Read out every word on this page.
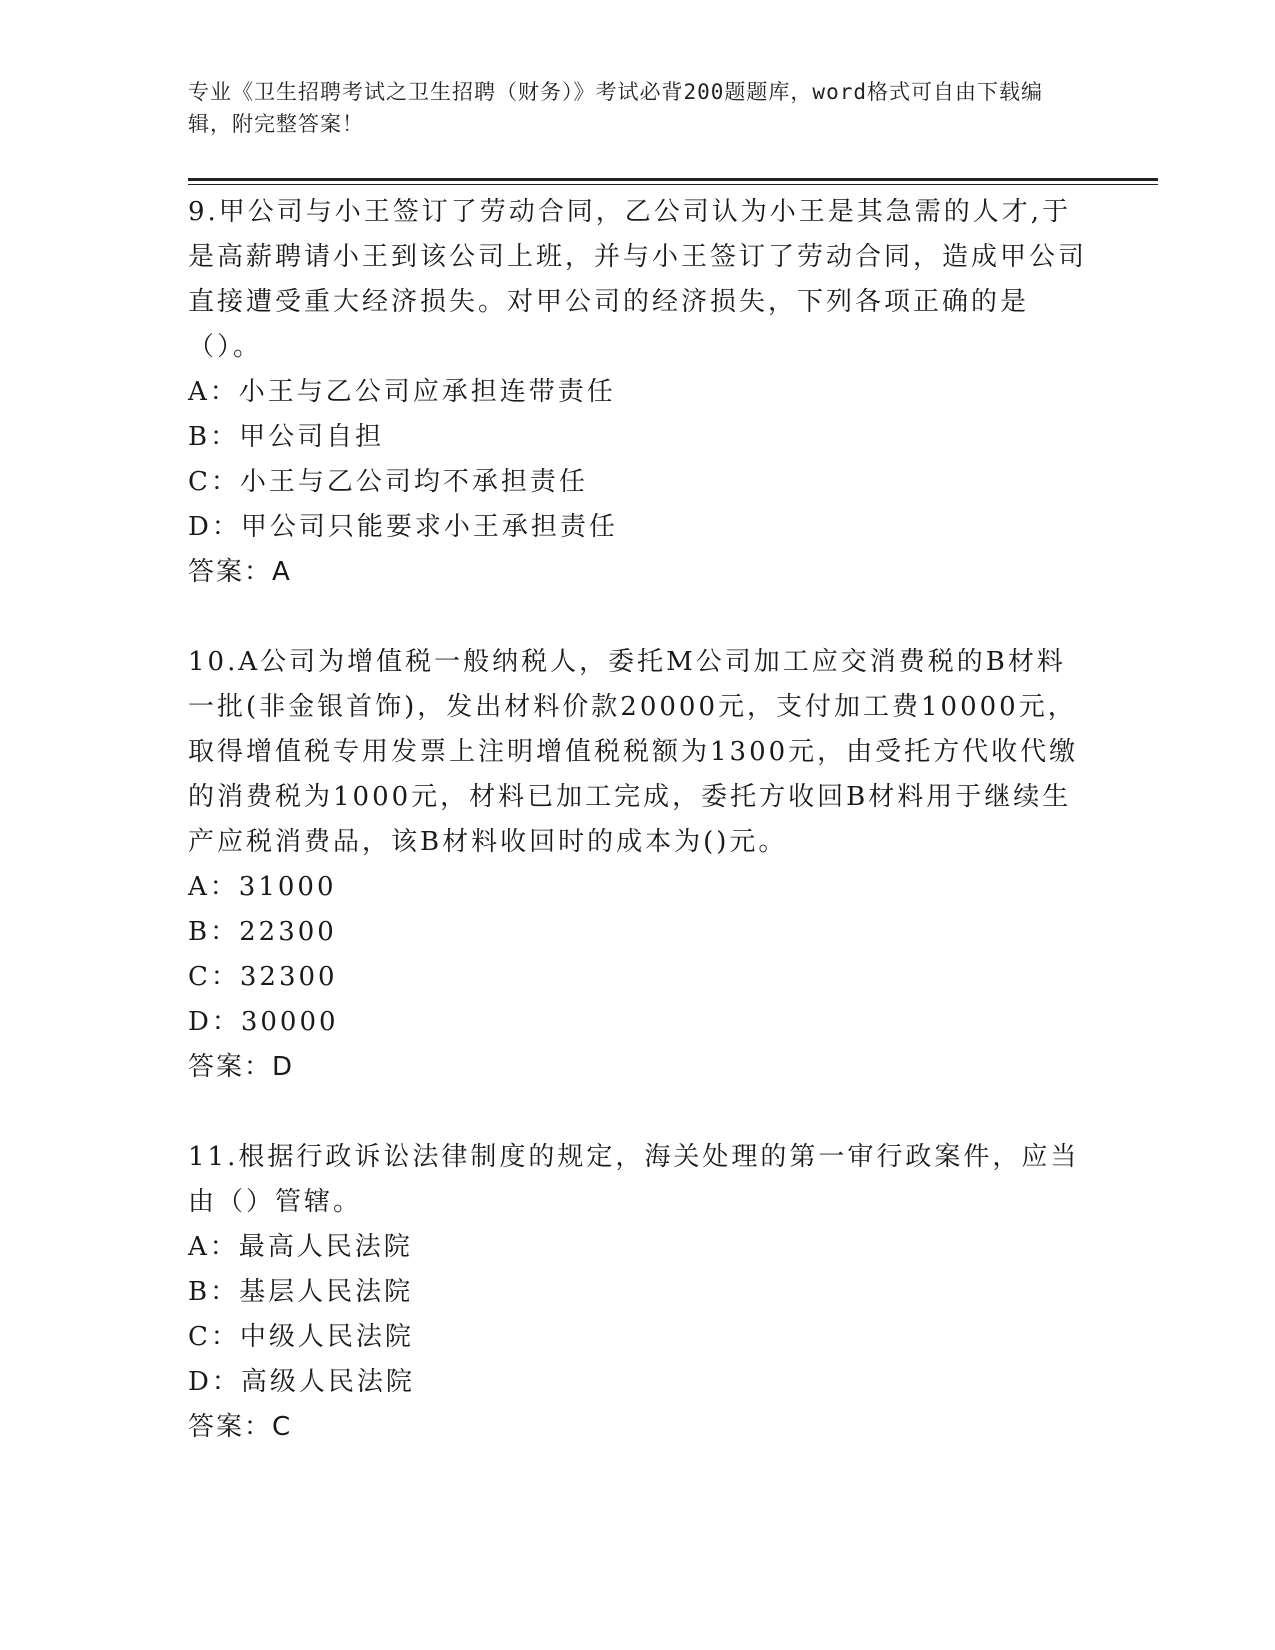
专业《卫生招聘考试之卫生招聘（财务）》考试必背200题题库，word格式可自由下载编辑，附完整答案！

9.甲公司与小王签订了劳动合同，乙公司认为小王是其急需的人才,于是高薪聘请小王到该公司上班，并与小王签订了劳动合同，造成甲公司直接遭受重大经济损失。对甲公司的经济损失，下列各项正确的是（）。

A：小王与乙公司应承担连带责任

B：甲公司自担

C：小王与乙公司均不承担责任

D：甲公司只能要求小王承担责任

答案：A

10.A公司为增值税一般纳税人，委托M公司加工应交消费税的B材料一批(非金银首饰)，发出材料价款20000元，支付加工费10000元，取得增值税专用发票上注明增值税税额为1300元，由受托方代收代缴的消费税为1000元，材料已加工完成，委托方收回B材料用于继续生产应税消费品，该B材料收回时的成本为()元。

A：31000

B：22300

C：32300

D：30000

答案：D

11.根据行政诉讼法律制度的规定，海关处理的第一审行政案件，应当由（）管辖。

A：最高人民法院

B：基层人民法院

C：中级人民法院

D：高级人民法院

答案：C
